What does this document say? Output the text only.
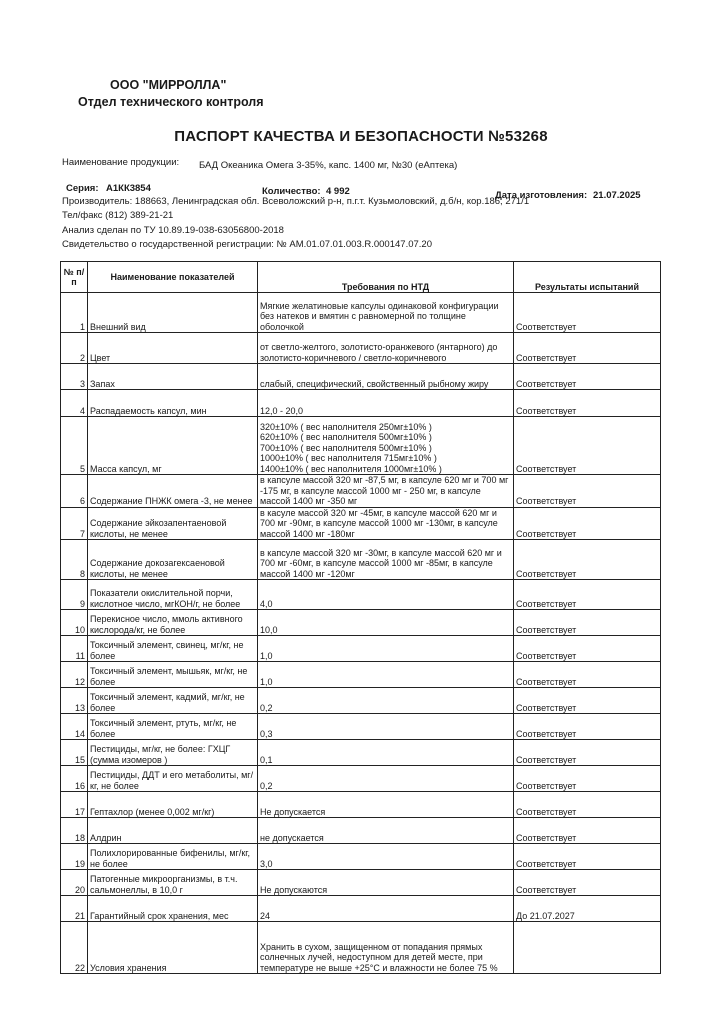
ООО "МИРРОЛЛА"
Отдел технического контроля
ПАСПОРТ КАЧЕСТВА И БЕЗОПАСНОСТИ №53268
Наименование продукции: БАД Океаника Омега 3-35%, капс. 1400 мг, №30 (еАптека)
Серия: А1КК3854	Количество: 4 992	Дата изготовления: 21.07.2025
Производитель: 188663, Ленинградская обл. Всеволожский р-н, п.г.т. Кузьмоловский, д.б/н, кор.186, 271/1
Тел/факс (812) 389-21-21
Анализ сделан по ТУ 10.89.19-038-63056800-2018
Свидетельство о государственной регистрации: № AM.01.07.01.003.R.000147.07.20
№ п/п	Наименование показателей	Требования по НТД	Результаты испытаний
1	Внешний вид	Мягкие желатиновые капсулы одинаковой конфигурации без натеков и вмятин с равномерной по толщине оболочкой	Соответствует
2	Цвет	от светло-желтого, золотисто-оранжевого (янтарного) до золотисто-коричневого / светло-коричневого	Соответствует
3	Запах	слабый, специфический, свойственный рыбному жиру	Соответствует
4	Распадаемость капсул, мин	12,0 - 20,0	Соответствует
5	Масса капсул, мг	320±10% ( вес наполнителя 250мг±10% )
620±10% ( вес наполнителя 500мг±10% )
700±10% ( вес наполнителя 500мг±10% )
1000±10% ( вес наполнителя 715мг±10% )
1400±10% ( вес наполнителя 1000мг±10% )	Соответствует
6	Содержание ПНЖК омега -3, не менее	в капсуле массой 320 мг -87,5 мг, в капсуле 620 мг и 700 мг -175 мг, в капсуле массой 1000 мг - 250 мг, в капсуле массой 1400 мг -350 мг	Соответствует
7	Содержание эйкозапентаеновой кислоты, не менее	в касуле массой 320 мг -45мг, в капсуле массой 620 мг и 700 мг -90мг, в капсуле массой 1000 мг -130мг, в капсуле массой 1400 мг -180мг	Соответствует
8	Содержание докозагексаеновой кислоты, не менее	в капсуле массой 320 мг -30мг, в капсуле массой 620 мг и 700 мг -60мг, в капсуле массой 1000 мг -85мг, в капсуле массой 1400 мг -120мг	Соответствует
9	Показатели окислительной порчи, кислотное число, мгКОН/г, не более	4,0	Соответствует
10	Перекисное число, ммоль активного кислорода/кг, не более	10,0	Соответствует
11	Токсичный элемент, свинец, мг/кг, не более	1,0	Соответствует
12	Токсичный элемент, мышьяк, мг/кг, не более	1,0	Соответствует
13	Токсичный элемент, кадмий, мг/кг, не более	0,2	Соответствует
14	Токсичный элемент, ртуть, мг/кг, не более	0,3	Соответствует
15	Пестициды, мг/кг, не более: ГХЦГ (сумма изомеров )	0,1	Соответствует
16	Пестициды, ДДТ и его метаболиты, мг/кг, не более	0,2	Соответствует
17	Гептахлор (менее 0,002 мг/кг)	Не допускается	Соответствует
18	Алдрин	не допускается	Соответствует
19	Полихлорированные бифенилы, мг/кг, не более	3,0	Соответствует
20	Патогенные микроорганизмы, в т.ч. сальмонеллы, в 10,0 г	Не допускаются	Соответствует
21	Гарантийный срок хранения, мес	24	До 21.07.2027
22	Условия хранения	Хранить в сухом, защищенном от попадания прямых солнечных лучей, недоступном для детей месте, при температуре не выше +25°С и влажности не более 75 %	
